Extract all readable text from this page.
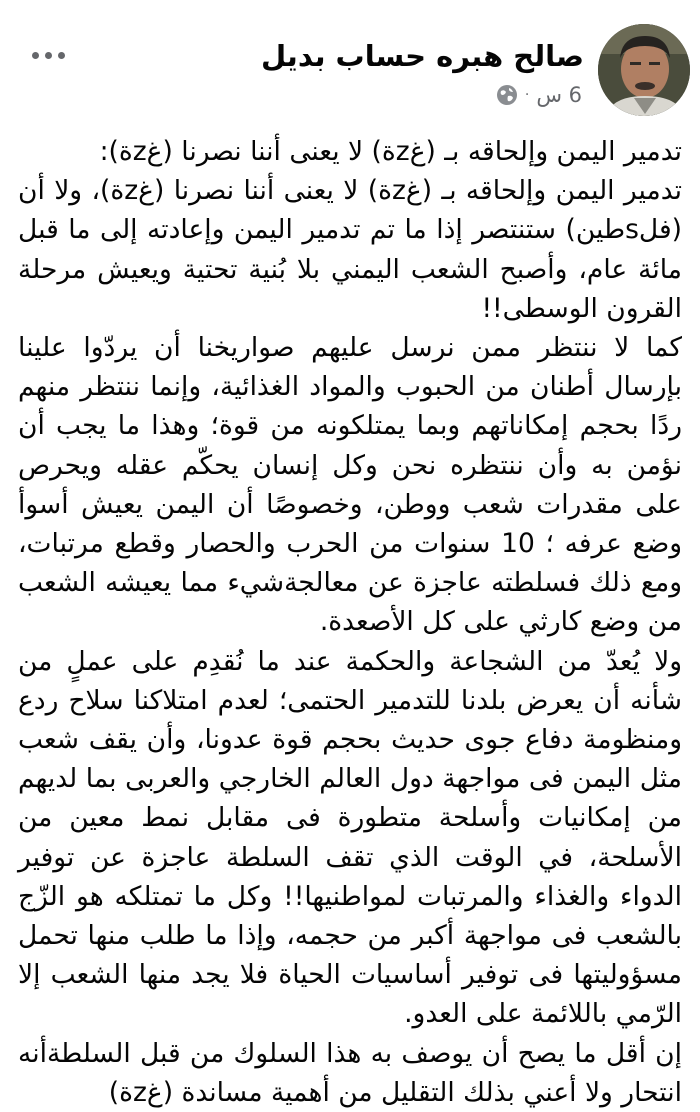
صالح هبره حساب بديل
6 س
·

تدمير اليمن وإلحاقه بـ (غzة) لا يعنى أننا نصرنا (غzة):

تدمير اليمن وإلحاقه بـ (غzة) لا يعنى أننا نصرنا (غzة)، ولا أن (فلsطين) ستنتصر إذا ما تم تدمير اليمن وإعادته إلى ما قبل مائة عام، وأصبح الشعب اليمني بلا بُنية تحتية ويعيش مرحلة القرون الوسطى!!

كما لا ننتظر ممن نرسل عليهم صواريخنا أن يردّوا علينا بإرسال أطنان من الحبوب والمواد الغذائية، وإنما ننتظر منهم ردًا بحجم إمكاناتهم وبما يمتلكونه من قوة؛ وهذا ما يجب أن نؤمن به وأن ننتظره نحن وكل إنسان يحكّم عقله ويحرص على مقدرات شعب ووطن، وخصوصًا أن اليمن يعيش أسوأ وضع عرفه ؛ 10 سنوات من الحرب والحصار وقطع مرتبات، ومع ذلك فسلطته عاجزة عن معالجةشيء مما يعيشه الشعب من وضع كارثي على كل الأصعدة.

ولا يُعدّ من الشجاعة والحكمة عند ما نُقدِم على عملٍ من شأنه أن يعرض بلدنا للتدمير الحتمى؛ لعدم امتلاكنا سلاح ردع ومنظومة دفاع جوى حديث بحجم قوة عدونا، وأن يقف شعب مثل اليمن فى مواجهة دول العالم الخارجي والعربى بما لديهم من إمكانيات وأسلحة متطورة فى مقابل نمط معين من الأسلحة، في الوقت الذي تقف السلطة عاجزة عن توفير الدواء والغذاء والمرتبات لمواطنيها!! وكل ما تمتلكه هو الزّج بالشعب فى مواجهة أكبر من حجمه، وإذا ما طلب منها تحمل مسؤوليتها فى توفير أساسيات الحياة فلا يجد منها الشعب إلا الرّمي باللائمة على العدو.

إن أقل ما يصح أن يوصف به هذا السلوك من قبل السلطةأنه انتحار ولا أعني بذلك التقليل من أهمية مساندة (غzة)
